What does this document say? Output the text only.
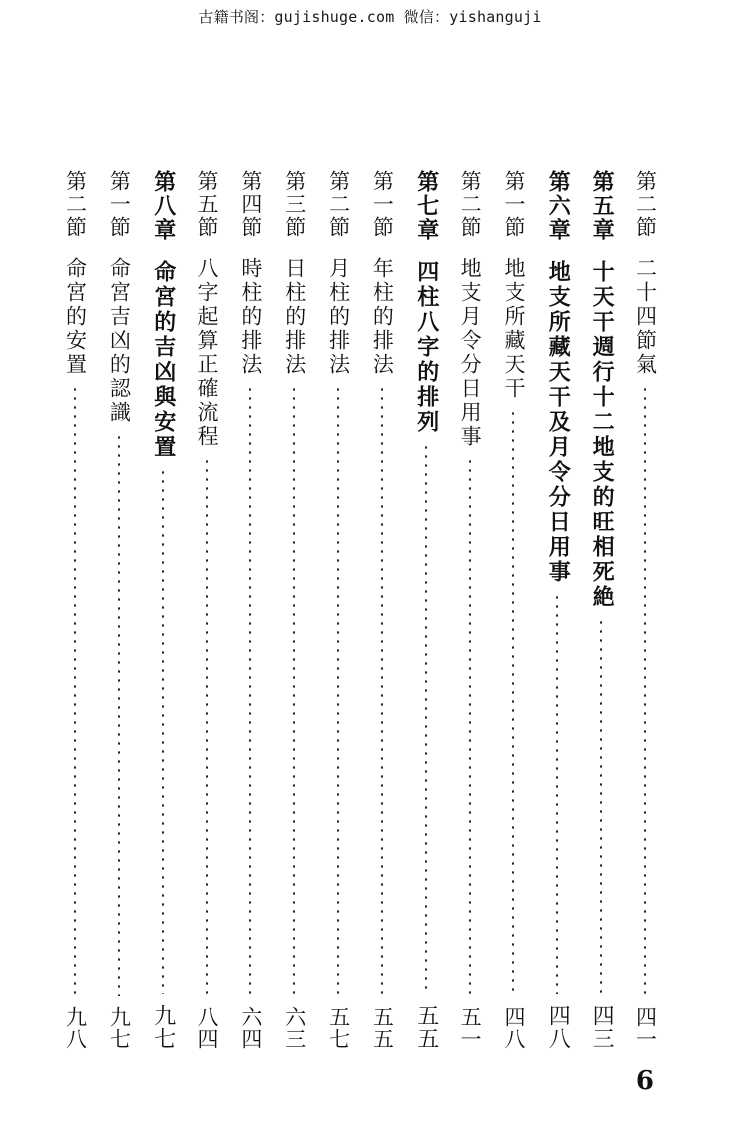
古籍书阁：gujishuge.com 微信：yishanguji
第二節
二十四節氣
四一
第五章
十天干週行十二地支的旺相死絶
四三
第六章
地支所藏天干及月令分日用事
四八
第一節
地支所藏天干
四八
第二節
地支月令分日用事
五一
第七章
四柱八字的排列
五五
第一節
年柱的排法
五五
第二節
月柱的排法
五七
第三節
日柱的排法
六三
第四節
時柱的排法
六四
第五節
八字起算正確流程
八四
第八章
命宮的吉凶與安置
九七
第一節
命宮吉凶的認識
九七
第二節
命宮的安置
九八
6
